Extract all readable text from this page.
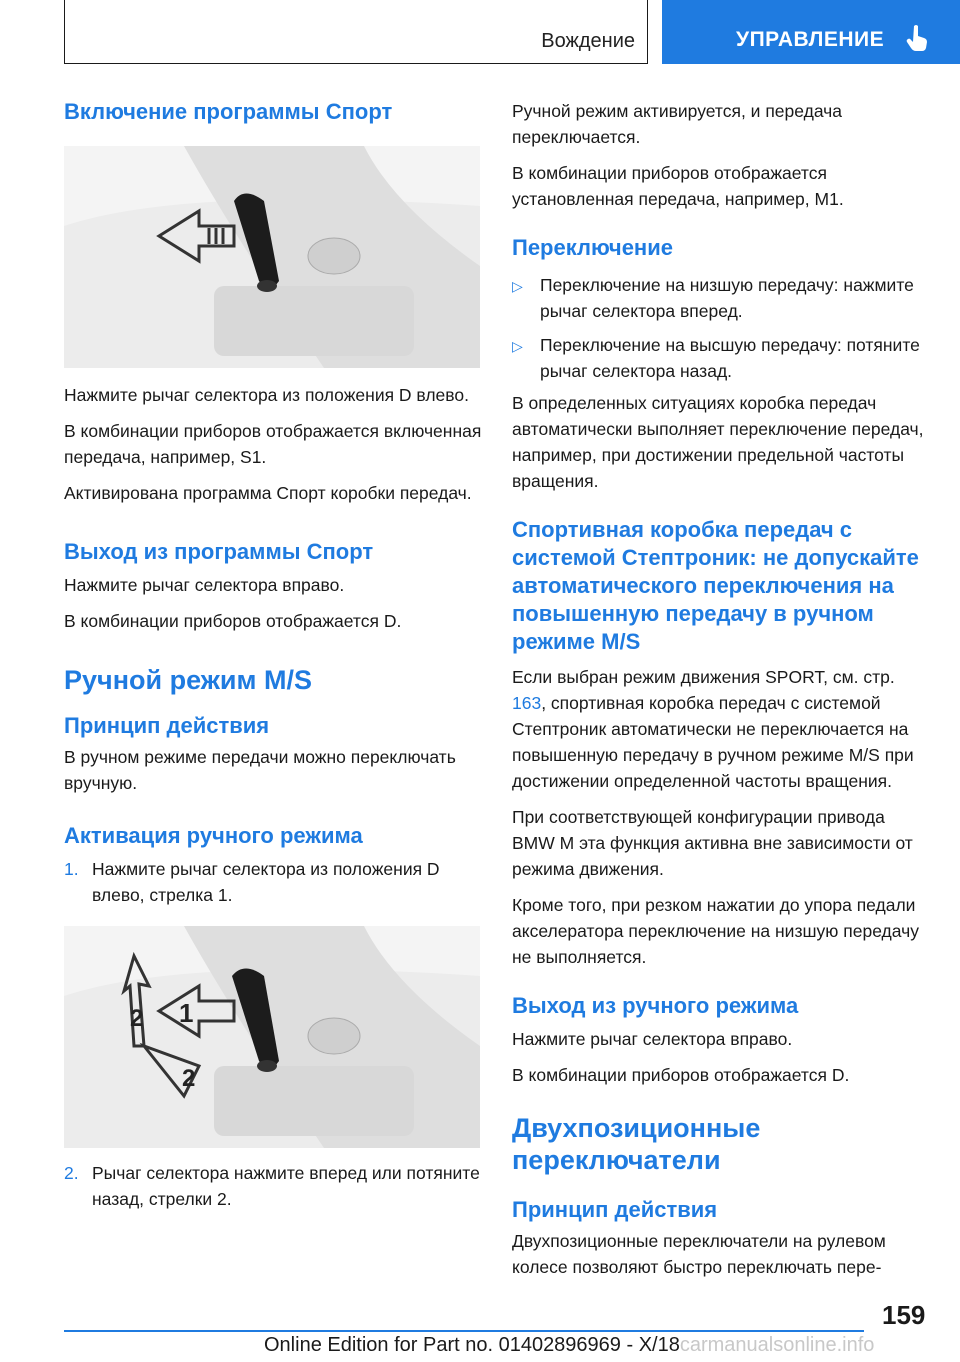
Вождение	УПРАВЛЕНИЕ
Включение программы Спорт

Нажмите рычаг селектора из положения D влево.

В комбинации приборов отображается включенная передача, например, S1.

Активирована программа Спорт коробки передач.

Выход из программы Спорт

Нажмите рычаг селектора вправо.

В комбинации приборов отображается D.

Ручной режим M/S
Принцип действия

В ручном режиме передачи можно переключать вручную.

Активация ручного режима
1. Нажмите рычаг селектора из положения D влево, стрелка 1.
1
2
2
2. Рычаг селектора нажмите вперед или потяните назад, стрелки 2.

Ручной режим активируется, и передача переключается.

В комбинации приборов отображается установленная передача, например, M1.

Переключение
▷ Переключение на низшую передачу: нажмите рычаг селектора вперед.
▷ Переключение на высшую передачу: потяните рычаг селектора назад.

В определенных ситуациях коробка передач автоматически выполняет переключение передач, например, при достижении предельной частоты вращения.

Спортивная коробка передач с системой Стептроник: не допускайте автоматического переключения на повышенную передачу в ручном режиме M/S

Если выбран режим движения SPORT, см. стр. 163, спортивная коробка передач с системой Стептроник автоматически не переключается на повышенную передачу в ручном режиме M/S при достижении определенной частоты вращения.

При соответствующей конфигурации привода BMW M эта функция активна вне зависимости от режима движения.

Кроме того, при резком нажатии до упора педали акселератора переключение на низшую передачу не выполняется.

Выход из ручного режима

Нажмите рычаг селектора вправо.

В комбинации приборов отображается D.

Двухпозиционные переключатели
Принцип действия

Двухпозиционные переключатели на рулевом колесе позволяют быстро переключать пере-

159
Online Edition for Part no. 01402896969 - X/18carmanualsonline.info
